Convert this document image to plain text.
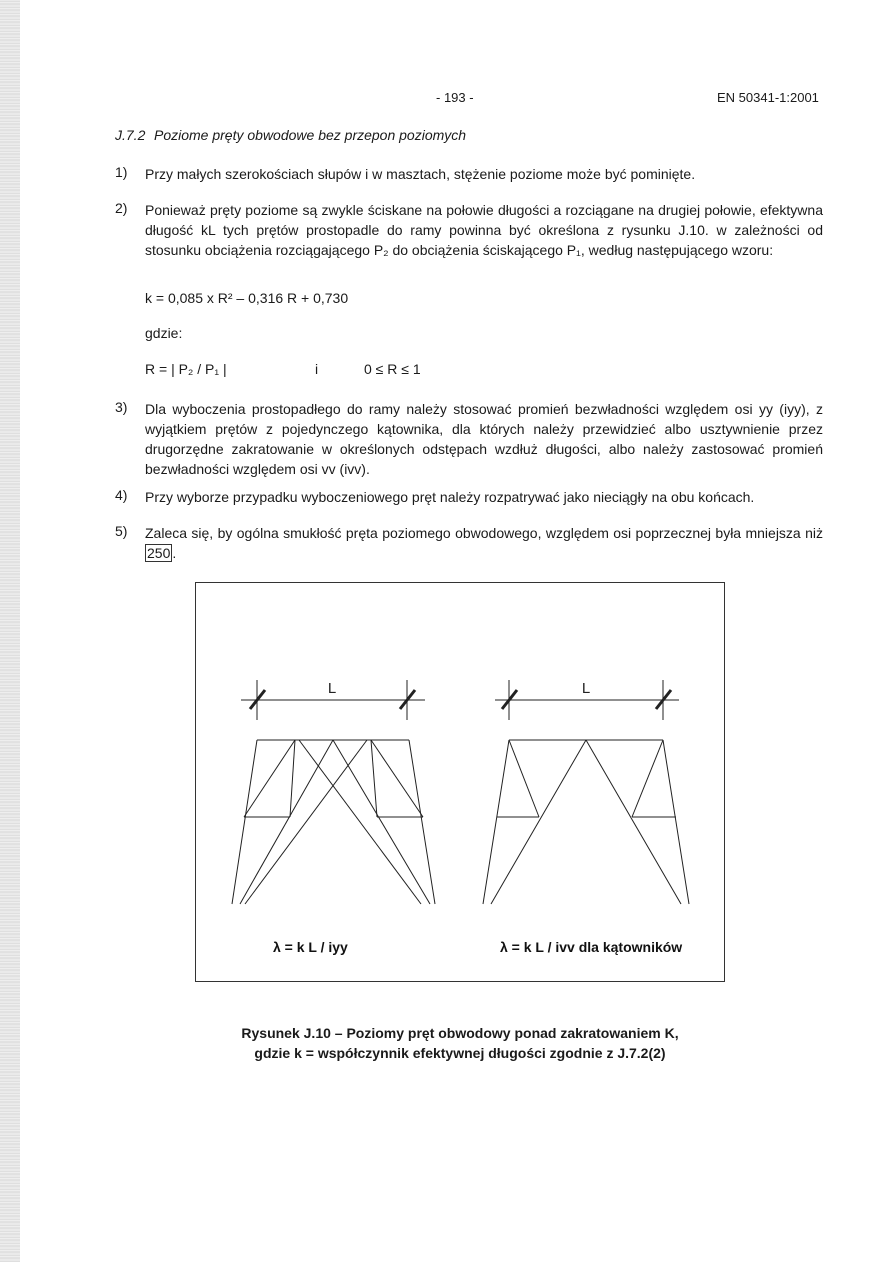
- 193 -	EN 50341-1:2001
J.7.2 Poziome pręty obwodowe bez przepon poziomych
1) Przy małych szerokościach słupów i w masztach, stężenie poziome może być pominięte.
2) Ponieważ pręty poziome są zwykle ściskane na połowie długości a rozciągane na drugiej połowie, efektywna długość kL tych prętów prostopadle do ramy powinna być określona z rysunku J.10. w zależności od stosunku obciążenia rozciągającego P₂ do obciążenia ściskającego P₁, według następującego wzoru:
k = 0,085 x R² – 0,316 R + 0,730
gdzie:
R = | P₂ / P₁ |	i	0 ≤ R ≤ 1
3) Dla wyboczenia prostopadłego do ramy należy stosować promień bezwładności względem osi yy (iyy), z wyjątkiem prętów z pojedynczego kątownika, dla których należy przewidzieć albo usztywnienie przez drugorzędne zakratowanie w określonych odstępach wzdłuż długości, albo należy zastosować promień bezwładności względem osi vv (ivv).
4) Przy wyborze przypadku wyboczeniowego pręt należy rozpatrywać jako nieciągły na obu końcach.
5) Zaleca się, by ogólna smukłość pręta poziomego obwodowego, względem osi poprzecznej była mniejsza niż 250 .
L	L
λ = k L / iyy	λ = k L / ivv dla kątowników
Rysunek J.10 – Poziomy pręt obwodowy ponad zakratowaniem K,
gdzie k = współczynnik efektywnej długości zgodnie z J.7.2(2)
